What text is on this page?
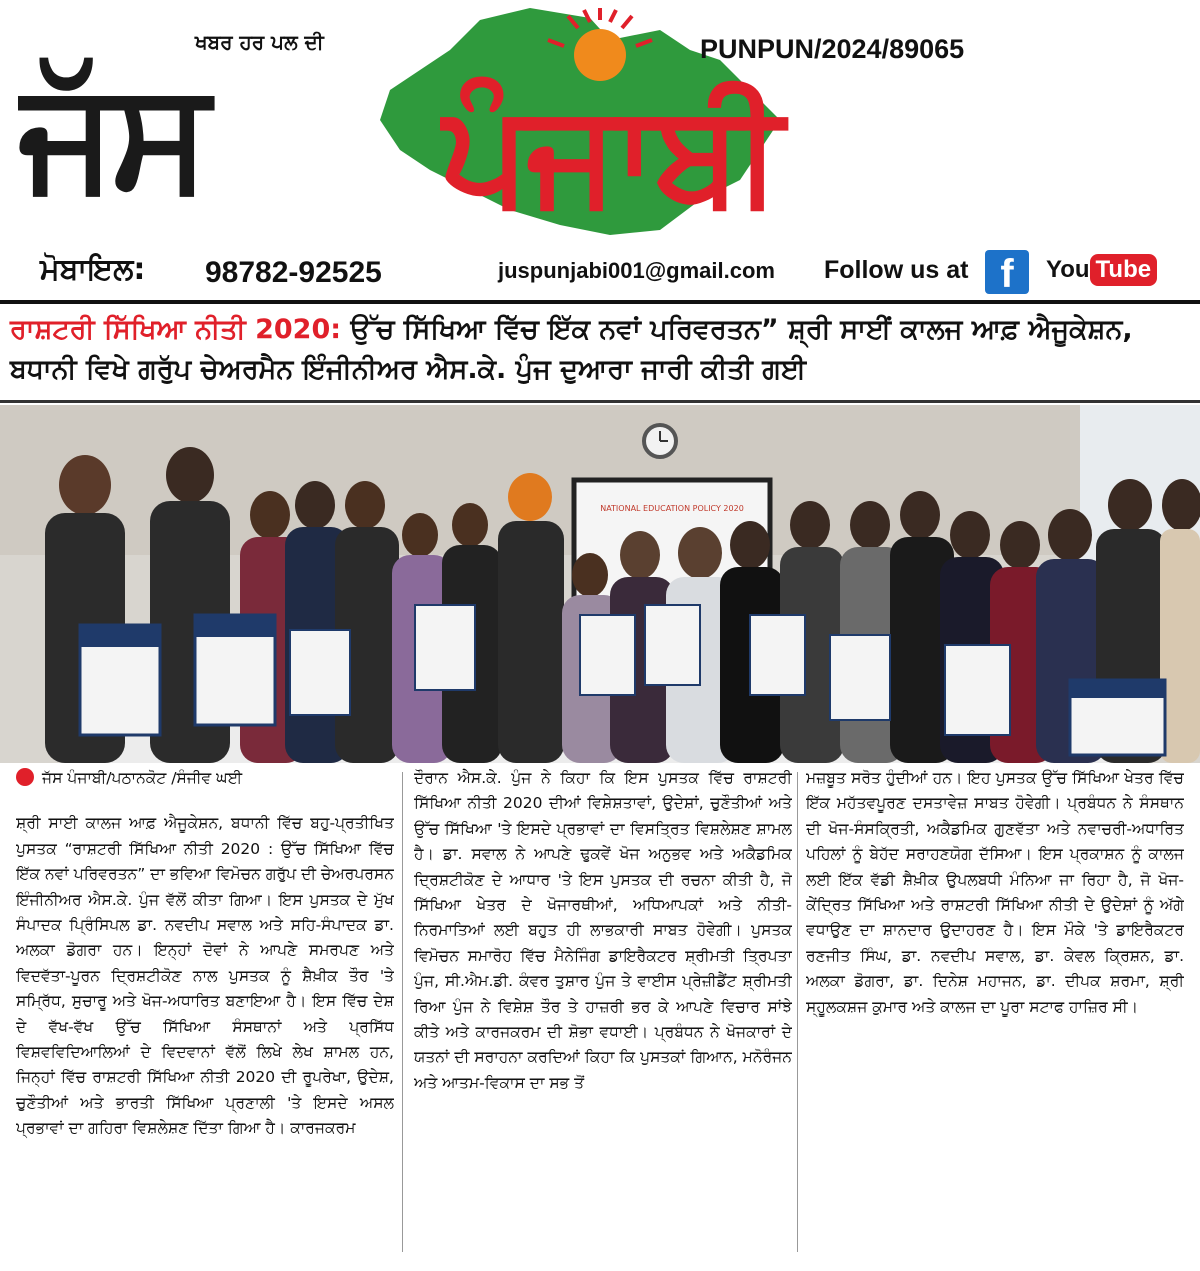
ਜੱਸ	ਪੰਜਾਬੀ
ਖਬਰ ਹਰ ਪਲ ਦੀ	PUNPUN/2024/89065
ਮੋਬਾਇਲ: 98782-92525	juspunjabi001@gmail.com Follow us at f	You Tube
ਰਾਸ਼ਟਰੀ ਸਿੱਖਿਆ ਨੀਤੀ 2020: ਉੱਚ ਸਿੱਖਿਆ ਵਿੱਚ ਇੱਕ ਨਵਾਂ ਪਰਿਵਰਤਨ” ਸ਼੍ਰੀ ਸਾਈਂ ਕਾਲਜ ਆਫ਼ ਐਜੂਕੇਸ਼ਨ, ਬਧਾਨੀ ਵਿਖੇ ਗਰੁੱਪ ਚੇਅਰਮੈਨ ਇੰਜੀਨੀਅਰ ਐਸ.ਕੇ. ਪੁੰਜ ਦੁਆਰਾ ਜਾਰੀ ਕੀਤੀ ਗਈ
NATIONAL EDUCATION POLICY 2020
ਜੱਸ ਪੰਜਾਬੀ/ਪਠਾਨਕੋਟ /ਸੰਜੀਵ ਘਈ
ਸ਼੍ਰੀ ਸਾਈ ਕਾਲਜ ਆਫ਼ ਐਜੂਕੇਸ਼ਨ, ਬਧਾਨੀ ਵਿੱਚ ਬਹੁ-ਪ੍ਰਤੀਖਿਤ ਪੁਸਤਕ “ਰਾਸ਼ਟਰੀ ਸਿੱਖਿਆ ਨੀਤੀ 2020 : ਉੱਚ ਸਿੱਖਿਆ ਵਿੱਚ ਇੱਕ ਨਵਾਂ ਪਰਿਵਰਤਨ” ਦਾ ਭਵਿਆ ਵਿਮੋਚਨ ਗਰੁੱਪ ਦੀ ਚੇਅਰਪਰਸਨ ਇੰਜੀਨੀਅਰ ਐਸ.ਕੇ. ਪੁੰਜ ਵੱਲੋਂ ਕੀਤਾ ਗਿਆ। ਇਸ ਪੁਸਤਕ ਦੇ ਮੁੱਖ ਸੰਪਾਦਕ ਪ੍ਰਿੰਸਿਪਲ ਡਾ. ਨਵਦੀਪ ਸਵਾਲ ਅਤੇ ਸਹਿ-ਸੰਪਾਦਕ ਡਾ. ਅਲਕਾ ਡੋਗਰਾ ਹਨ। ਇਨ੍ਹਾਂ ਦੋਵਾਂ ਨੇ ਆਪਣੇ ਸਮਰਪਣ ਅਤੇ ਵਿਦਵੱਤਾ-ਪੂਰਨ ਦ੍ਰਿਸ਼ਟੀਕੋਣ ਨਾਲ ਪੁਸਤਕ ਨੂੰ ਸ਼ੈਖ਼ੀਕ ਤੌਰ 'ਤੇ ਸਮ੍ਰਿੱਧ, ਸੁਚਾਰੂ ਅਤੇ ਖੋਜ-ਅਧਾਰਿਤ ਬਣਾਇਆ ਹੈ। ਇਸ ਵਿੱਚ ਦੇਸ਼ ਦੇ ਵੱਖ-ਵੱਖ ਉੱਚ ਸਿੱਖਿਆ ਸੰਸਥਾਨਾਂ ਅਤੇ ਪ੍ਰਸਿੱਧ ਵਿਸ਼ਵਵਿਦਿਆਲਿਆਂ ਦੇ ਵਿਦਵਾਨਾਂ ਵੱਲੋਂ ਲਿਖੇ ਲੇਖ ਸ਼ਾਮਲ ਹਨ, ਜਿਨ੍ਹਾਂ ਵਿੱਚ ਰਾਸ਼ਟਰੀ ਸਿੱਖਿਆ ਨੀਤੀ 2020 ਦੀ ਰੂਪਰੇਖਾ, ਉਦੇਸ਼, ਚੁਣੌਤੀਆਂ ਅਤੇ ਭਾਰਤੀ ਸਿੱਖਿਆ ਪ੍ਰਣਾਲੀ 'ਤੇ ਇਸਦੇ ਅਸਲ ਪ੍ਰਭਾਵਾਂ ਦਾ ਗਹਿਰਾ ਵਿਸ਼ਲੇਸ਼ਣ ਦਿੱਤਾ ਗਿਆ ਹੈ। ਕਾਰਜਕਰਮ
ਦੌਰਾਨ ਐਸ.ਕੇ. ਪੁੰਜ ਨੇ ਕਿਹਾ ਕਿ ਇਸ ਪੁਸਤਕ ਵਿੱਚ ਰਾਸ਼ਟਰੀ ਸਿੱਖਿਆ ਨੀਤੀ 2020 ਦੀਆਂ ਵਿਸ਼ੇਸ਼ਤਾਵਾਂ, ਉਦੇਸ਼ਾਂ, ਚੁਣੌਤੀਆਂ ਅਤੇ ਉੱਚ ਸਿੱਖਿਆ 'ਤੇ ਇਸਦੇ ਪ੍ਰਭਾਵਾਂ ਦਾ ਵਿਸਤ੍ਰਿਤ ਵਿਸ਼ਲੇਸ਼ਣ ਸ਼ਾਮਲ ਹੈ। ਡਾ. ਸਵਾਲ ਨੇ ਆਪਣੇ ਢੁਕਵੇਂ ਖੋਜ ਅਨੁਭਵ ਅਤੇ ਅਕੈਡਮਿਕ ਦ੍ਰਿਸ਼ਟੀਕੋਣ ਦੇ ਆਧਾਰ 'ਤੇ ਇਸ ਪੁਸਤਕ ਦੀ ਰਚਨਾ ਕੀਤੀ ਹੈ, ਜੋ ਸਿੱਖਿਆ ਖੇਤਰ ਦੇ ਖੋਜਾਰਥੀਆਂ, ਅਧਿਆਪਕਾਂ ਅਤੇ ਨੀਤੀ-ਨਿਰਮਾਤਿਆਂ ਲਈ ਬਹੁਤ ਹੀ ਲਾਭਕਾਰੀ ਸਾਬਤ ਹੋਵੇਗੀ। ਪੁਸਤਕ ਵਿਮੋਚਨ ਸਮਾਰੋਹ ਵਿੱਚ ਮੈਨੇਜਿੰਗ ਡਾਇਰੈਕਟਰ ਸ਼੍ਰੀਮਤੀ ਤ੍ਰਿਪਤਾ ਪੁੰਜ, ਸੀ.ਐਮ.ਡੀ. ਕੰਵਰ ਤੁਸ਼ਾਰ ਪੁੰਜ ਤੇ ਵਾਈਸ ਪ੍ਰੇਜ਼ੀਡੈਂਟ ਸ਼੍ਰੀਮਤੀ ਰਿਆ ਪੁੰਜ ਨੇ ਵਿਸ਼ੇਸ਼ ਤੌਰ ਤੇ ਹਾਜ਼ਰੀ ਭਰ ਕੇ ਆਪਣੇ ਵਿਚਾਰ ਸਾਂਝੇ ਕੀਤੇ ਅਤੇ ਕਾਰਜਕਰਮ ਦੀ ਸ਼ੋਭਾ ਵਧਾਈ। ਪ੍ਰਬੰਧਨ ਨੇ ਖੋਜਕਾਰਾਂ ਦੇ ਯਤਨਾਂ ਦੀ ਸਰਾਹਨਾ ਕਰਦਿਆਂ ਕਿਹਾ ਕਿ ਪੁਸਤਕਾਂ ਗਿਆਨ, ਮਨੋਰੰਜਨ ਅਤੇ ਆਤਮ-ਵਿਕਾਸ ਦਾ ਸਭ ਤੋਂ
ਮਜ਼ਬੂਤ ਸਰੋਤ ਹੁੰਦੀਆਂ ਹਨ। ਇਹ ਪੁਸਤਕ ਉੱਚ ਸਿੱਖਿਆ ਖੇਤਰ ਵਿੱਚ ਇੱਕ ਮਹੱਤਵਪੂਰਣ ਦਸਤਾਵੇਜ਼ ਸਾਬਤ ਹੋਵੇਗੀ। ਪ੍ਰਬੰਧਨ ਨੇ ਸੰਸਥਾਨ ਦੀ ਖੋਜ-ਸੰਸਕ੍ਰਿਤੀ, ਅਕੈਡਮਿਕ ਗੁਣਵੱਤਾ ਅਤੇ ਨਵਾਚਰੀ-ਅਧਾਰਿਤ ਪਹਿਲਾਂ ਨੂੰ ਬੇਹੱਦ ਸਰਾਹਣਯੋਗ ਦੱਸਿਆ। ਇਸ ਪ੍ਰਕਾਸ਼ਨ ਨੂੰ ਕਾਲਜ ਲਈ ਇੱਕ ਵੱਡੀ ਸ਼ੈਖ਼ੀਕ ਉਪਲਬਧੀ ਮੰਨਿਆ ਜਾ ਰਿਹਾ ਹੈ, ਜੋ ਖੋਜ-ਕੇਂਦ੍ਰਿਤ ਸਿੱਖਿਆ ਅਤੇ ਰਾਸ਼ਟਰੀ ਸਿੱਖਿਆ ਨੀਤੀ ਦੇ ਉਦੇਸ਼ਾਂ ਨੂੰ ਅੱਗੇ ਵਧਾਉਣ ਦਾ ਸ਼ਾਨਦਾਰ ਉਦਾਹਰਣ ਹੈ। ਇਸ ਮੌਕੇ 'ਤੇ ਡਾਇਰੈਕਟਰ ਰਣਜੀਤ ਸਿੰਘ, ਡਾ. ਨਵਦੀਪ ਸਵਾਲ, ਡਾ. ਕੇਵਲ ਕ੍ਰਿਸ਼ਨ, ਡਾ. ਅਲਕਾ ਡੋਗਰਾ, ਡਾ. ਦਿਨੇਸ਼ ਮਹਾਜਨ, ਡਾ. ਦੀਪਕ ਸ਼ਰਮਾ, ਸ਼੍ਰੀ ਸ੍ਹੂਲਕਸ਼ਜ ਕੁਮਾਰ ਅਤੇ ਕਾਲਜ ਦਾ ਪੂਰਾ ਸਟਾਫ ਹਾਜ਼ਿਰ ਸੀ।
